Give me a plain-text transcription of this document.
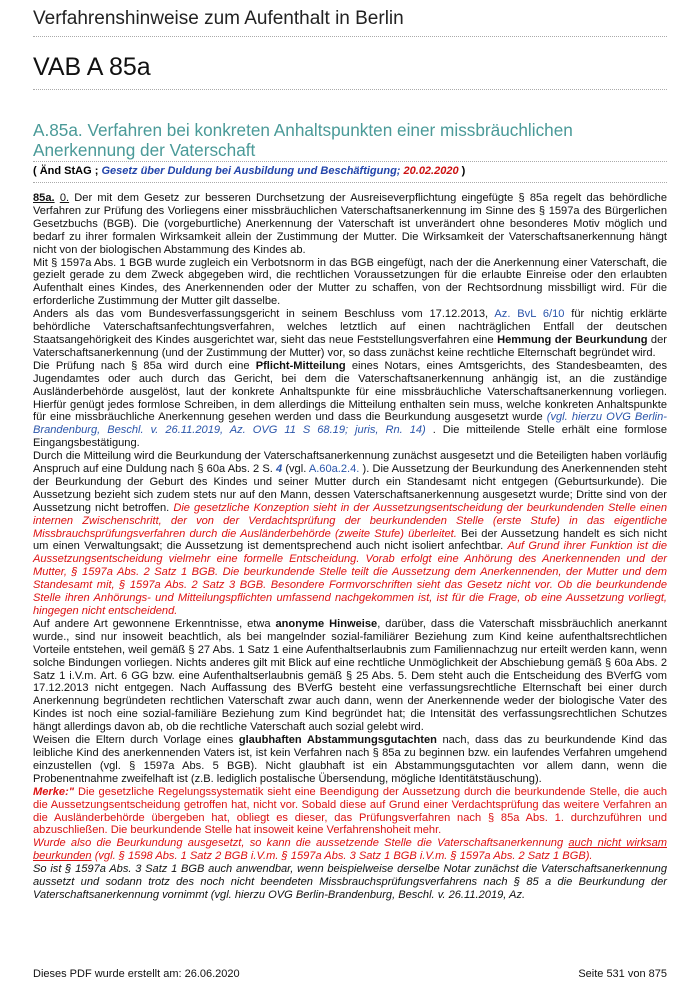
Verfahrenshinweise zum Aufenthalt in Berlin
VAB A 85a
A.85a. Verfahren bei konkreten Anhaltspunkten einer missbräuchlichen Anerkennung der Vaterschaft
( Änd StAG ; Gesetz über Duldung bei Ausbildung und Beschäftigung; 20.02.2020 )

85a. 0. Der mit dem Gesetz zur besseren Durchsetzung der Ausreiseverpflichtung eingefügte § 85a regelt das behördliche Verfahren zur Prüfung des Vorliegens einer missbräuchlichen Vaterschaftsanerkennung im Sinne des § 1597a des Bürgerlichen Gesetzbuchs (BGB). Die (vorgeburtliche) Anerkennung der Vaterschaft ist unverändert ohne besonderes Motiv möglich und bedarf zu ihrer formalen Wirksamkeit allein der Zustimmung der Mutter. Die Wirksamkeit der Vaterschaftsanerkennung hängt nicht von der biologischen Abstammung des Kindes ab.

Mit § 1597a Abs. 1 BGB wurde zugleich ein Verbotsnorm in das BGB eingefügt, nach der die Anerkennung einer Vaterschaft, die gezielt gerade zu dem Zweck abgegeben wird, die rechtlichen Voraussetzungen für die erlaubte Einreise oder den erlaubten Aufenthalt eines Kindes, des Anerkennenden oder der Mutter zu schaffen, von der Rechtsordnung missbilligt wird. Für die erforderliche Zustimmung der Mutter gilt dasselbe.

Anders als das vom Bundesverfassungsgericht in seinem Beschluss vom 17.12.2013, Az. BvL 6/10 für nichtig erklärte behördliche Vaterschaftsanfechtungsverfahren, welches letztlich auf einen nachträglichen Entfall der deutschen Staatsangehörigkeit des Kindes ausgerichtet war, sieht das neue Feststellungsverfahren eine Hemmung der Beurkundung der Vaterschaftsanerkennung (und der Zustimmung der Mutter) vor, so dass zunächst keine rechtliche Elternschaft begründet wird.

Die Prüfung nach § 85a wird durch eine Pflicht-Mitteilung eines Notars, eines Amtsgerichts, des Standesbeamten, des Jugendamtes oder auch durch das Gericht, bei dem die Vaterschaftsanerkennung anhängig ist, an die zuständige Ausländerbehörde ausgelöst, laut der konkrete Anhaltspunkte für eine missbräuchliche Vaterschaftsanerkennung vorliegen. Hierfür genügt jedes formlose Schreiben, in dem allerdings die Mitteilung enthalten sein muss, welche konkreten Anhaltspunkte für eine missbräuchliche Anerkennung gesehen werden und dass die Beurkundung ausgesetzt wurde (vgl. hierzu OVG Berlin-Brandenburg, Beschl. v. 26.11.2019, Az. OVG 11 S 68.19; juris, Rn. 14) . Die mitteilende Stelle erhält eine formlose Eingangsbestätigung.

Durch die Mitteilung wird die Beurkundung der Vaterschaftsanerkennung zunächst ausgesetzt und die Beteiligten haben vorläufig Anspruch auf eine Duldung nach § 60a Abs. 2 S. 4 (vgl. A.60a.2.4. ). Die Aussetzung der Beurkundung des Anerkennenden steht der Beurkundung der Geburt des Kindes und seiner Mutter durch ein Standesamt nicht entgegen (Geburtsurkunde). Die Aussetzung bezieht sich zudem stets nur auf den Mann, dessen Vaterschaftsanerkennung ausgesetzt wurde; Dritte sind von der Aussetzung nicht betroffen. Die gesetzliche Konzeption sieht in der Aussetzungsentscheidung der beurkundenden Stelle einen internen Zwischenschritt, der von der Verdachtsprüfung der beurkundenden Stelle (erste Stufe) in das eigentliche Missbrauchsprüfungsverfahren durch die Ausländerbehörde (zweite Stufe) überleitet. Bei der Aussetzung handelt es sich nicht um einen Verwaltungsakt; die Aussetzung ist dementsprechend auch nicht isoliert anfechtbar. Auf Grund ihrer Funktion ist die Aussetzungsentscheidung vielmehr eine formelle Entscheidung. Vorab erfolgt eine Anhörung des Anerkennenden und der Mutter, § 1597a Abs. 2 Satz 1 BGB. Die beurkundende Stelle teilt die Aussetzung dem Anerkennenden, der Mutter und dem Standesamt mit, § 1597a Abs. 2 Satz 3 BGB. Besondere Formvorschriften sieht das Gesetz nicht vor. Ob die beurkundende Stelle ihren Anhörungs- und Mitteilungspflichten umfassend nachgekommen ist, ist für die Frage, ob eine Aussetzung vorliegt, hingegen nicht entscheidend.

Auf andere Art gewonnene Erkenntnisse, etwa anonyme Hinweise, darüber, dass die Vaterschaft missbräuchlich anerkannt wurde., sind nur insoweit beachtlich, als bei mangelnder sozial-familiärer Beziehung zum Kind keine aufenthaltsrechtlichen Vorteile entstehen, weil gemäß § 27 Abs. 1 Satz 1 eine Aufenthaltserlaubnis zum Familiennachzug nur erteilt werden kann, wenn solche Bindungen vorliegen. Nichts anderes gilt mit Blick auf eine rechtliche Unmöglichkeit der Abschiebung gemäß § 60a Abs. 2 Satz 1 i.V.m. Art. 6 GG bzw. eine Aufenthaltserlaubnis gemäß § 25 Abs. 5. Dem steht auch die Entscheidung des BVerfG vom 17.12.2013 nicht entgegen. Nach Auffassung des BVerfG besteht eine verfassungsrechtliche Elternschaft bei einer durch Anerkennung begründeten rechtlichen Vaterschaft zwar auch dann, wenn der Anerkennende weder der biologische Vater des Kindes ist noch eine sozial-familiäre Beziehung zum Kind begründet hat; die Intensität des verfassungsrechtlichen Schutzes hängt allerdings davon ab, ob die rechtliche Vaterschaft auch sozial gelebt wird.

Weisen die Eltern durch Vorlage eines glaubhaften Abstammungsgutachten nach, dass das zu beurkundende Kind das leibliche Kind des anerkennenden Vaters ist, ist kein Verfahren nach § 85a zu beginnen bzw. ein laufendes Verfahren umgehend einzustellen (vgl. § 1597a Abs. 5 BGB). Nicht glaubhaft ist ein Abstammungsgutachten vor allem dann, wenn die Probenentnahme zweifelhaft ist (z.B. lediglich postalische Übersendung, mögliche Identitätstäuschung).

Merke:" Die gesetzliche Regelungssystematik sieht eine Beendigung der Aussetzung durch die beurkundende Stelle, die auch die Aussetzungsentscheidung getroffen hat, nicht vor. Sobald diese auf Grund einer Verdachtsprüfung das weitere Verfahren an die Ausländerbehörde übergeben hat, obliegt es dieser, das Prüfungsverfahren nach § 85a Abs. 1. durchzuführen und abzuschließen. Die beurkundende Stelle hat insoweit keine Verfahrenshoheit mehr.

Wurde also die Beurkundung ausgesetzt, so kann die aussetzende Stelle die Vaterschaftsanerkennung auch nicht wirksam beurkunden (vgl. § 1598 Abs. 1 Satz 2 BGB i.V.m. § 1597a Abs. 3 Satz 1 BGB i.V.m. § 1597a Abs. 2 Satz 1 BGB).

So ist § 1597a Abs. 3 Satz 1 BGB auch anwendbar, wenn beispielweise derselbe Notar zunächst die Vaterschaftsanerkennung aussetzt und sodann trotz des noch nicht beendeten Missbrauchsprüfungsverfahrens nach § 85 a die Beurkundung der Vaterschaftsanerkennung vornimmt (vgl. hierzu OVG Berlin-Brandenburg, Beschl. v. 26.11.2019, Az.

Dieses PDF wurde erstellt am: 26.06.2020	Seite 531 von 875
